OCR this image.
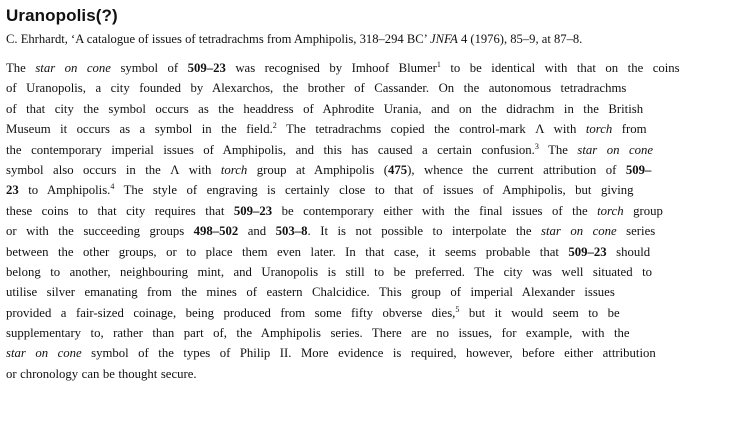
Uranopolis(?)

C. Ehrhardt, ‘A catalogue of issues of tetradrachms from Amphipolis, 318–294 BC’ JNFA 4 (1976), 85–9, at 87–8.

The star on cone symbol of 509–23 was recognised by Imhoof Blumer$^1$ to be identical with that on the coins
of Uranopolis, a city founded by Alexarchos, the brother of Cassander. On the autonomous tetradrachms
of that city the symbol occurs as the headdress of Aphrodite Urania, and on the didrachm in the British
Museum it occurs as a symbol in the field.$^2$ The tetradrachms copied the control-mark Λ with torch from
the contemporary imperial issues of Amphipolis, and this has caused a certain confusion.$^3$ The star on cone
symbol also occurs in the Λ with torch group at Amphipolis (475), whence the current attribution of 509–
23 to Amphipolis.$^4$ The style of engraving is certainly close to that of issues of Amphipolis, but giving
these coins to that city requires that 509–23 be contemporary either with the final issues of the torch group
or with the succeeding groups 498–502 and 503–8. It is not possible to interpolate the star on cone series
between the other groups, or to place them even later. In that case, it seems probable that 509–23 should
belong to another, neighbouring mint, and Uranopolis is still to be preferred. The city was well situated to
utilise silver emanating from the mines of eastern Chalcidice. This group of imperial Alexander issues
provided a fair-sized coinage, being produced from some fifty obverse dies,$^5$ but it would seem to be
supplementary to, rather than part of, the Amphipolis series. There are no issues, for example, with the
star on cone symbol of the types of Philip II. More evidence is required, however, before either attribution
or chronology can be thought secure.
